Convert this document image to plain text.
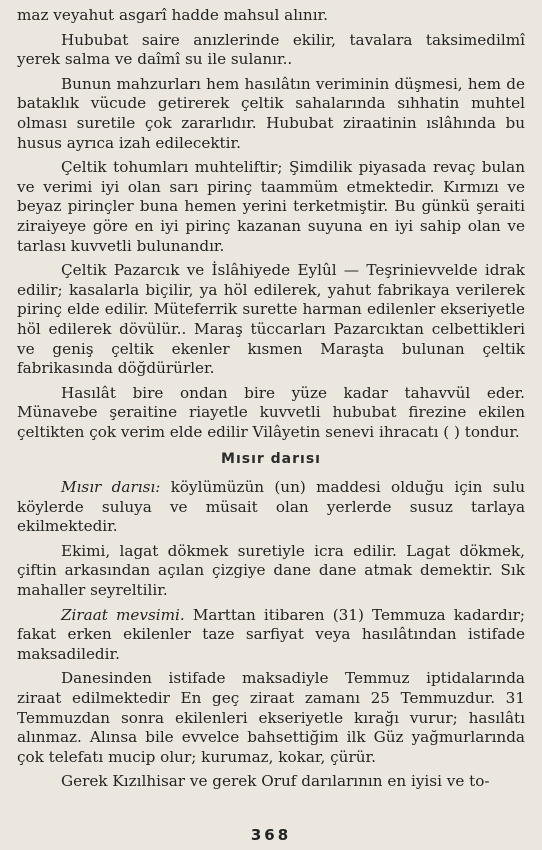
maz veyahut asgarî hadde mahsul alınır.

Hububat saire anızlerinde ekilir, tavalara taksimedilmî yerek salma ve daîmî su ile sulanır..

Bunun mahzurları hem hasılâtın veriminin düşmesi, hem de bataklık vücude getirerek çeltik sahalarında sıhhatin muhtel olması suretile çok zararlıdır. Hububat ziraatinin ıslâhında bu husus ayrıca izah edilecektir.

Çeltik tohumları muhteliftir; Şimdilik piyasada revaç bulan ve verimi iyi olan sarı pirinç taammüm etmektedir. Kırmızı ve beyaz pirinçler buna hemen yerini terketmiştir. Bu günkü şeraiti ziraiyeye göre en iyi pirinç kazanan suyuna en iyi sahip olan ve tarlası kuvvetli bulunandır.

Çeltik Pazarcık ve İslâhiyede Eylûl — Teşrinievvelde idrak edilir; kasalarla biçilir, ya höl edilerek, yahut fabrikaya verilerek pirinç elde edilir. Müteferrik surette harman edilenler ekseriyetle höl edilerek dövülür.. Maraş tüccarları Pazarcıktan celbettikleri ve geniş çeltik ekenler kısmen Maraşta bulunan çeltik fabrikasında döğdürürler.

Hasılât bire ondan bire yüze kadar tahavvül eder. Münavebe şeraitine riayetle kuvvetli hububat firezine ekilen çeltikten çok verim elde edilir Vilâyetin senevi ihracatı ( ) tondur.

Mısır darısı

Mısır darısı: köylümüzün (un) maddesi olduğu için sulu köylerde suluya ve müsait olan yerlerde susuz tarlaya ekilmektedir.

Ekimi, lagat dökmek suretiyle icra edilir. Lagat dökmek, çiftin arkasından açılan çizgiye dane dane atmak demektir. Sık mahaller seyreltilir.

Ziraat mevsimi. Marttan itibaren (31) Temmuza kadardır; fakat erken ekilenler taze sarfiyat veya hasılâtından istifade maksadiledir.

Danesinden istifade maksadiyle Temmuz iptidalarında ziraat edilmektedir En geç ziraat zamanı 25 Temmuzdur. 31 Temmuzdan sonra ekilenleri ekseriyetle kırağı vurur; hasılâtı alınmaz. Alınsa bile evvelce bahsettiğim ilk Güz yağmurlarında çok telefatı mucip olur; kurumaz, kokar, çürür.

Gerek Kızılhisar ve gerek Oruf darılarının en iyisi ve to-

368
